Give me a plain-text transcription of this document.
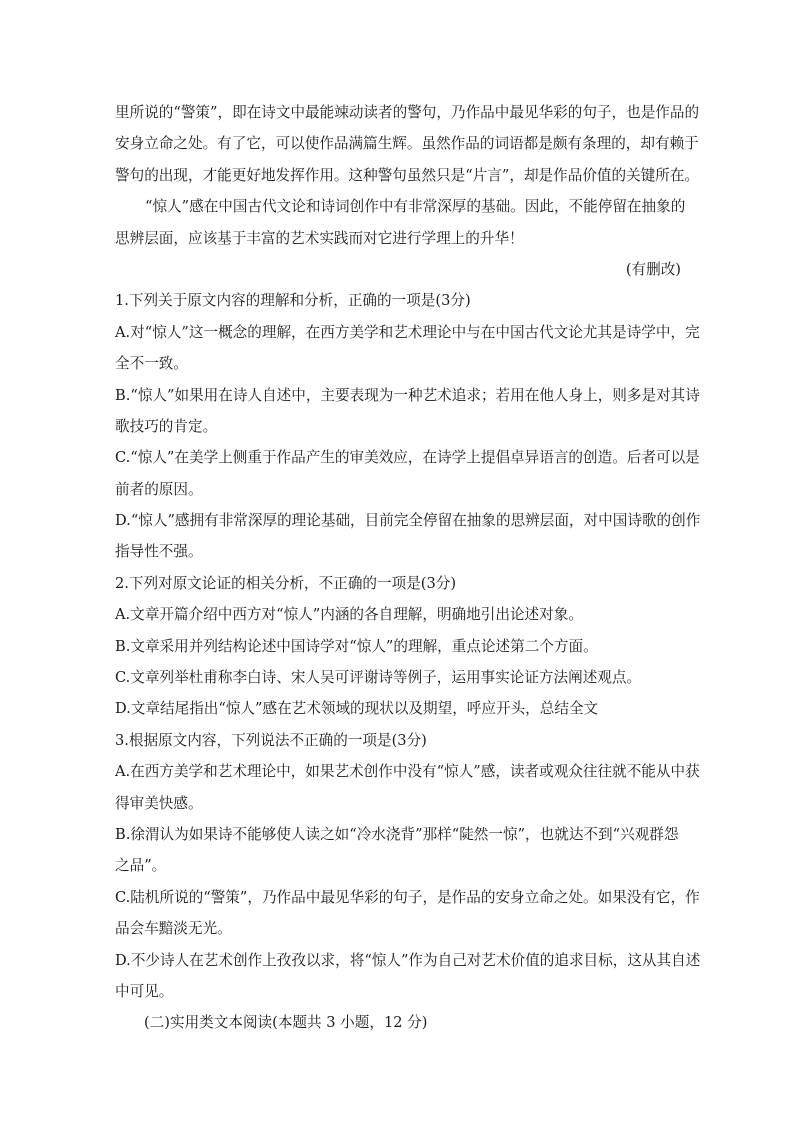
里所说的“警策”，即在诗文中最能竦动读者的警句，乃作品中最见华彩的句子，也是作品的
安身立命之处。有了它，可以使作品满篇生辉。虽然作品的词语都是颇有条理的，却有赖于
警句的出现，才能更好地发挥作用。这种警句虽然只是“片言”，却是作品价值的关键所在。
“惊人”感在中国古代文论和诗词创作中有非常深厚的基础。因此，不能停留在抽象的
思辨层面，应该基于丰富的艺术实践而对它进行学理上的升华！
(有删改)
1.下列关于原文内容的理解和分析，正确的一项是(3分)
A.对“惊人”这一概念的理解，在西方美学和艺术理论中与在中国古代文论尤其是诗学中，完
全不一致。
B.“惊人”如果用在诗人自述中，主要表现为一种艺术追求；若用在他人身上，则多是对其诗
歌技巧的肯定。
C.“惊人”在美学上侧重于作品产生的审美效应，在诗学上提倡卓异语言的创造。后者可以是
前者的原因。
D.“惊人”感拥有非常深厚的理论基础，目前完全停留在抽象的思辨层面，对中国诗歌的创作
指导性不强。
2.下列对原文论证的相关分析，不正确的一项是(3分)
A.文章开篇介绍中西方对“惊人”内涵的各自理解，明确地引出论述对象。
B.文章采用并列结构论述中国诗学对“惊人”的理解，重点论述第二个方面。
C.文章列举杜甫称李白诗、宋人吴可评谢诗等例子，运用事实论证方法阐述观点。
D.文章结尾指出“惊人”感在艺术领域的现状以及期望，呼应开头，总结全文
3.根据原文内容，下列说法不正确的一项是(3分)
A.在西方美学和艺术理论中，如果艺术创作中没有“惊人”感，读者或观众往往就不能从中获
得审美快感。
B.徐渭认为如果诗不能够使人读之如“冷水浇背”那样“陡然一惊”，也就达不到“兴观群怨
之品”。
C.陆机所说的“警策”，乃作品中最见华彩的句子，是作品的安身立命之处。如果没有它，作
品会车黯淡无光。
D.不少诗人在艺术创作上孜孜以求，将“惊人”作为自己对艺术价值的追求目标，这从其自述
中可见。
(二)实用类文本阅读(本题共 3 小题，12 分)
